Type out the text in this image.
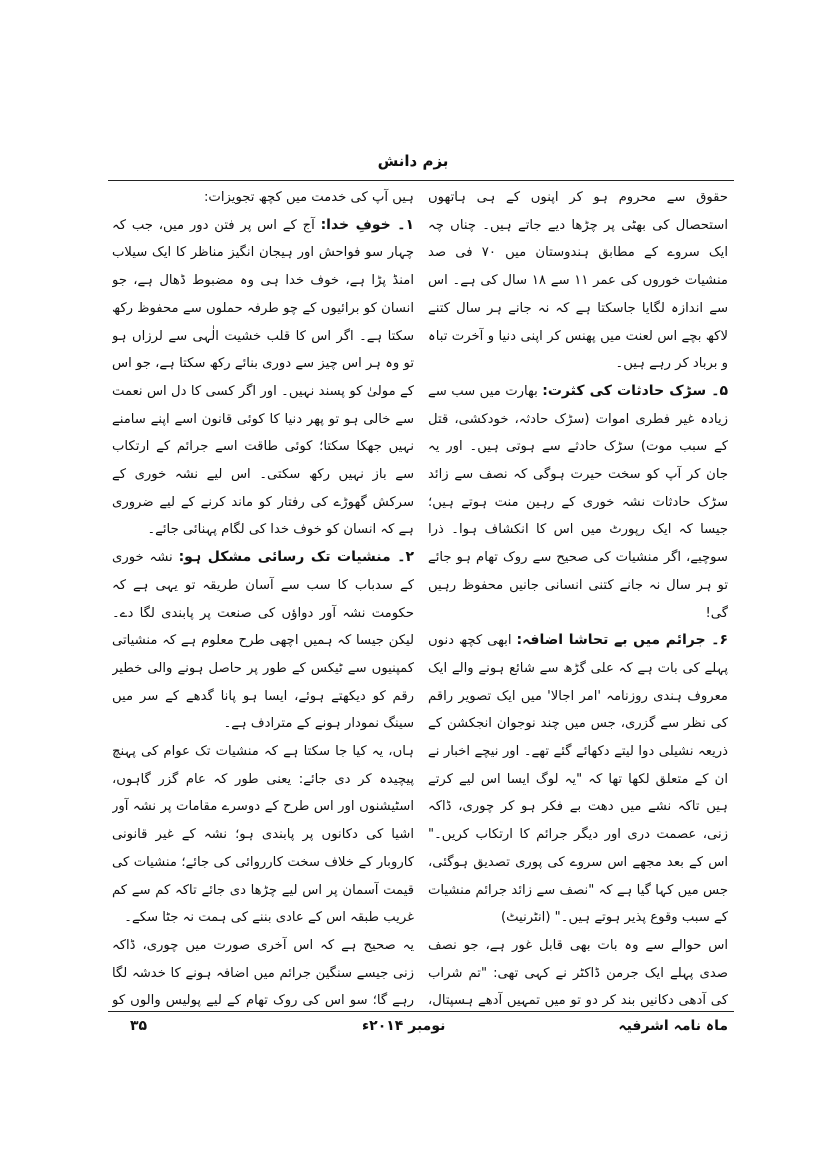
بزم دانش

حقوق سے محروم ہو کر اپنوں کے ہی ہاتھوں استحصال کی بھٹی پر چڑھا دیے جاتے ہیں۔ چناں چہ ایک سروے کے مطابق ہندوستان میں ۷۰ فی صد منشیات خوروں کی عمر ۱۱ سے ۱۸ سال کی ہے۔ اس سے اندازہ لگایا جاسکتا ہے کہ نہ جانے ہر سال کتنے لاکھ بچے اس لعنت میں پھنس کر اپنی دنیا و آخرت تباہ و برباد کر رہے ہیں۔

۵۔ سڑک حادثات کی کثرت: بھارت میں سب سے زیادہ غیر فطری اموات (سڑک حادثہ، خودکشی، قتل کے سبب موت) سڑک حادثے سے ہوتی ہیں۔ اور یہ جان کر آپ کو سخت حیرت ہوگی کہ نصف سے زائد سڑک حادثات نشہ خوری کے رہین منت ہوتے ہیں؛ جیسا کہ ایک رپورٹ میں اس کا انکشاف ہوا۔ ذرا سوچیے، اگر منشیات کی صحیح سے روک تھام ہو جائے تو ہر سال نہ جانے کتنی انسانی جانیں محفوظ رہیں گی!

۶۔ جرائم میں بے تحاشا اضافہ: ابھی کچھ دنوں پہلے کی بات ہے کہ علی گڑھ سے شائع ہونے والے ایک معروف ہندی روزنامہ 'امر اجالا' میں ایک تصویر راقم کی نظر سے گزری، جس میں چند نوجوان انجکشن کے ذریعہ نشیلی دوا لیتے دکھائے گئے تھے۔ اور نیچے اخبار نے ان کے متعلق لکھا تھا کہ "یہ لوگ ایسا اس لیے کرتے ہیں تاکہ نشے میں دھت بے فکر ہو کر چوری، ڈاکہ زنی، عصمت دری اور دیگر جرائم کا ارتکاب کریں۔" اس کے بعد مجھے اس سروے کی پوری تصدیق ہوگئی، جس میں کہا گیا ہے کہ "نصف سے زائد جرائم منشیات کے سبب وقوع پذیر ہوتے ہیں۔" (انٹرنیٹ)

اس حوالے سے وہ بات بھی قابل غور ہے، جو نصف صدی پہلے ایک جرمن ڈاکٹر نے کہی تھی: "تم شراب کی آدھی دکانیں بند کر دو تو میں تمہیں آدھے ہسپتال،

ہیں آپ کی خدمت میں کچھ تجویزات:

۱۔ خوفِ خدا: آج کے اس پر فتن دور میں، جب کہ چہار سو فواحش اور ہیجان انگیز مناظر کا ایک سیلاب امنڈ پڑا ہے، خوف خدا ہی وہ مضبوط ڈھال ہے، جو انسان کو برائیوں کے چو طرفہ حملوں سے محفوظ رکھ سکتا ہے۔ اگر اس کا قلب خشیت الٰہی سے لرزاں ہو تو وہ ہر اس چیز سے دوری بنائے رکھ سکتا ہے، جو اس کے مولیٰ کو پسند نہیں۔ اور اگر کسی کا دل اس نعمت سے خالی ہو تو پھر دنیا کا کوئی قانون اسے اپنے سامنے نہیں جھکا سکتا؛ کوئی طاقت اسے جرائم کے ارتکاب سے باز نہیں رکھ سکتی۔ اس لیے نشہ خوری کے سرکش گھوڑے کی رفتار کو ماند کرنے کے لیے ضروری ہے کہ انسان کو خوف خدا کی لگام پہنائی جائے۔

۲۔ منشیات تک رسائی مشکل ہو: نشہ خوری کے سدباب کا سب سے آسان طریقہ تو یہی ہے کہ حکومت نشہ آور دواؤں کی صنعت پر پابندی لگا دے۔ لیکن جیسا کہ ہمیں اچھی طرح معلوم ہے کہ منشیاتی کمپنیوں سے ٹیکس کے طور پر حاصل ہونے والی خطیر رقم کو دیکھتے ہوئے، ایسا ہو پانا گدھے کے سر میں سینگ نمودار ہونے کے مترادف ہے۔

ہاں، یہ کیا جا سکتا ہے کہ منشیات تک عوام کی پہنچ پیچیدہ کر دی جائے: یعنی طور کہ عام گزر گاہوں، اسٹیشنوں اور اس طرح کے دوسرے مقامات پر نشہ آور اشیا کی دکانوں پر پابندی ہو؛ نشہ کے غیر قانونی کاروبار کے خلاف سخت کارروائی کی جائے؛ منشیات کی قیمت آسمان پر اس لیے چڑھا دی جائے تاکہ کم سے کم غریب طبقہ اس کے عادی بننے کی ہمت نہ جٹا سکے۔

یہ صحیح ہے کہ اس آخری صورت میں چوری، ڈاکہ زنی جیسے سنگین جرائم میں اضافہ ہونے کا خدشہ لگا رہے گا؛ سو اس کی روک تھام کے لیے پولیس والوں کو

ماہ نامہ اشرفیہ
نومبر ۲۰۱۴ء
۳۵
